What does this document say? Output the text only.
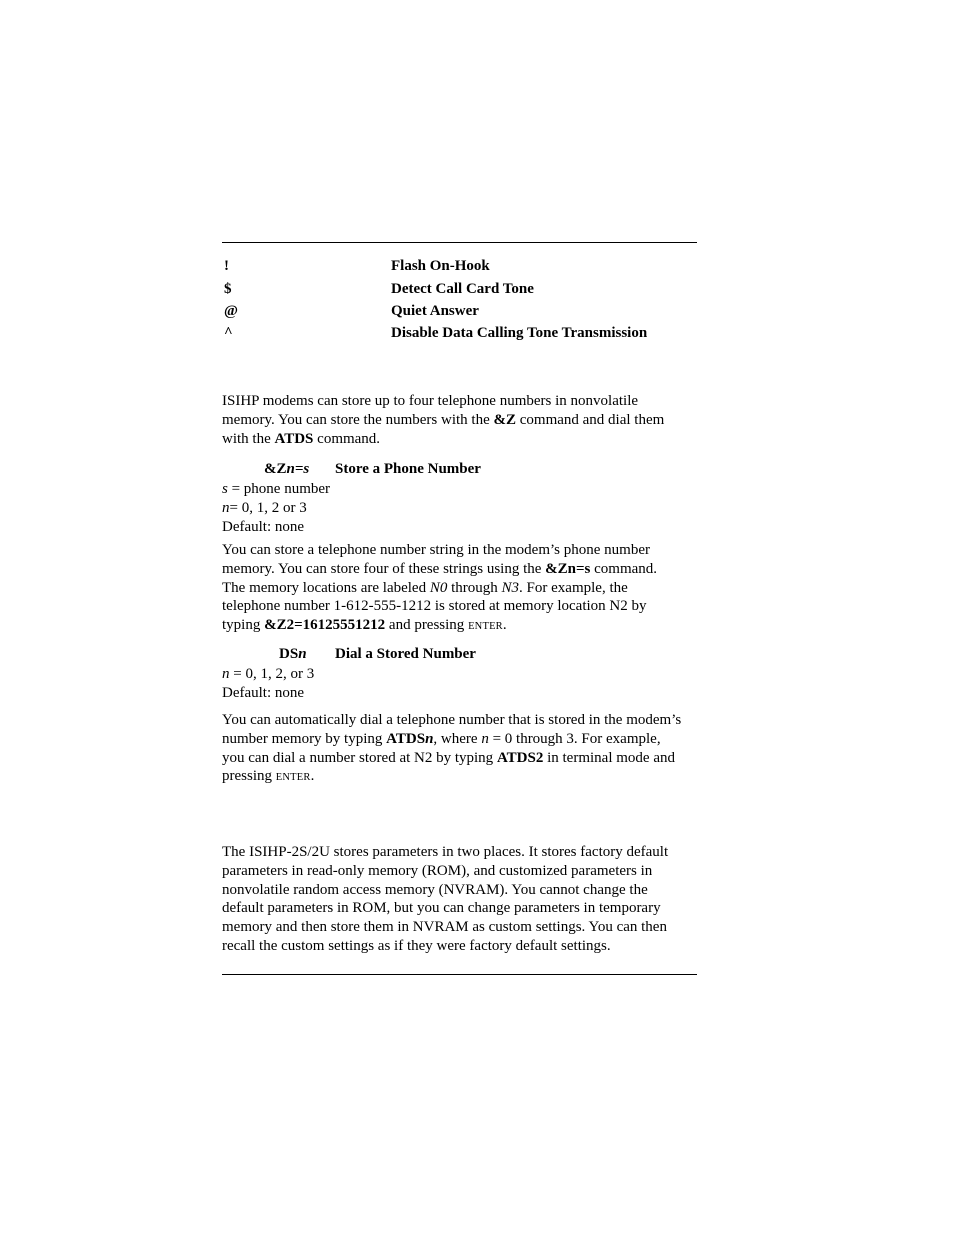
!	Flash On-Hook
$	Detect Call Card Tone
@	Quiet Answer
^	Disable Data Calling Tone Transmission
ISIHP modems can store up to four telephone numbers in nonvolatile
memory. You can store the numbers with the &Z command and dial them
with the ATDS command.
&Zn=s Store a Phone Number
s = phone number
n= 0, 1, 2 or 3
Default: none
You can store a telephone number string in the modem’s phone number
memory. You can store four of these strings using the &Zn=s command.
The memory locations are labeled N0 through N3. For example, the
telephone number 1-612-555-1212 is stored at memory location N2 by
typing &Z2=16125551212 and pressing ENTER.
DSn Dial a Stored Number
n = 0, 1, 2, or 3
Default: none
You can automatically dial a telephone number that is stored in the modem’s
number memory by typing ATDSn, where n = 0 through 3. For example,
you can dial a number stored at N2 by typing ATDS2 in terminal mode and
pressing ENTER.
The ISIHP-2S/2U stores parameters in two places. It stores factory default
parameters in read-only memory (ROM), and customized parameters in
nonvolatile random access memory (NVRAM). You cannot change the
default parameters in ROM, but you can change parameters in temporary
memory and then store them in NVRAM as custom settings. You can then
recall the custom settings as if they were factory default settings.
